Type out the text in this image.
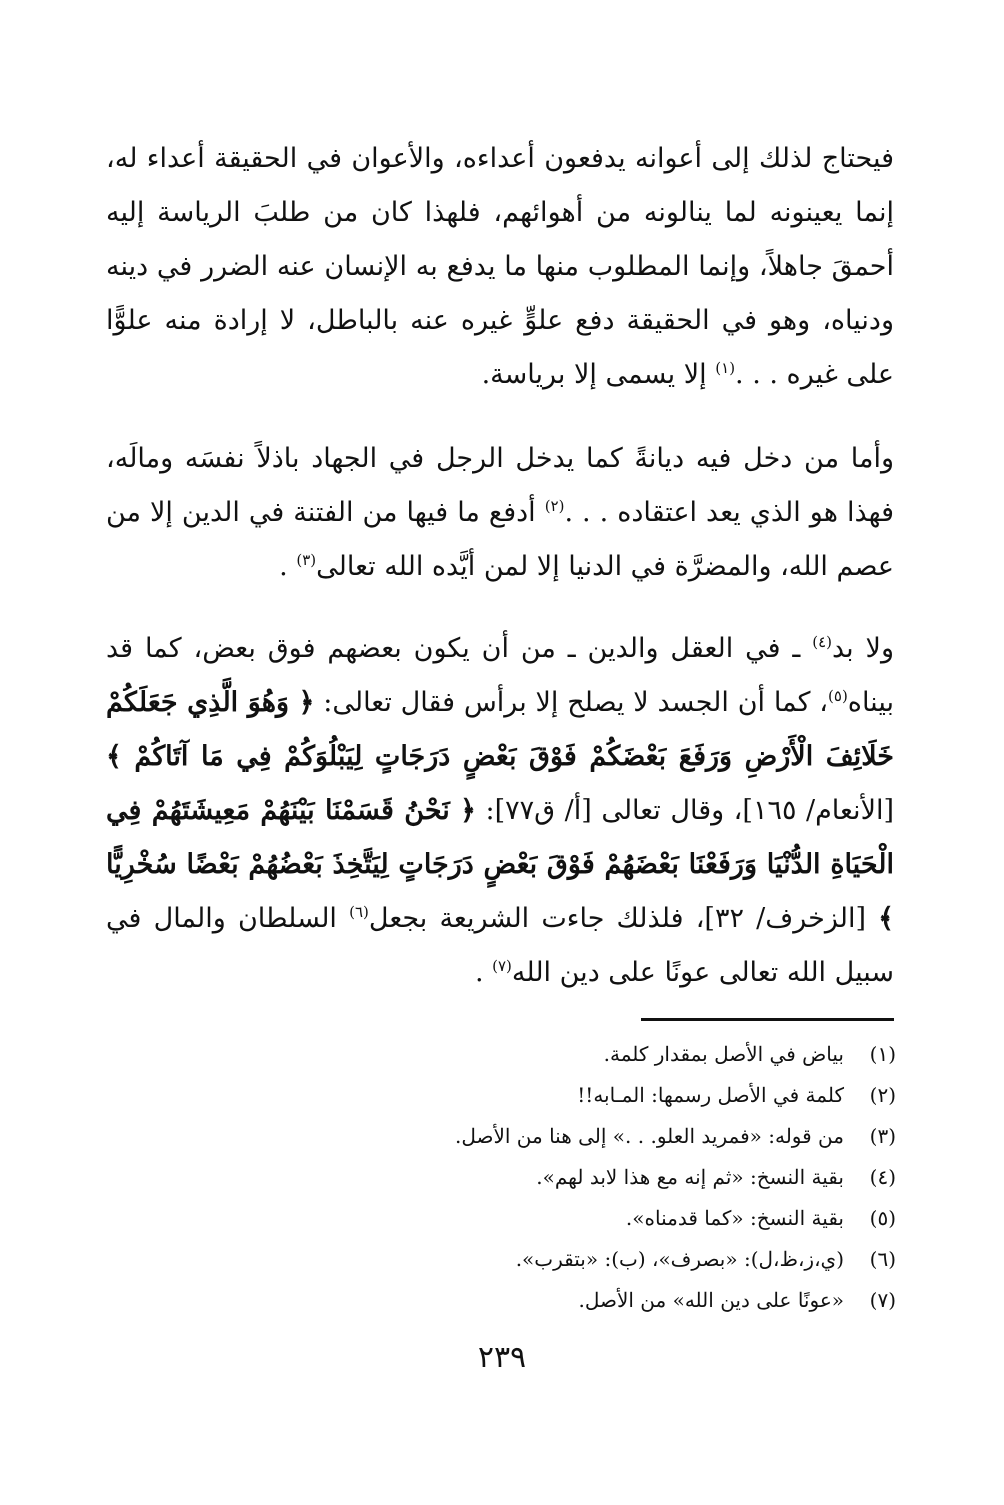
فيحتاج لذلك إلى أعوانه يدفعون أعداءه، والأعوان في الحقيقة أعداء له، إنما يعينونه لما ينالونه من أهوائهم، فلهذا كان من طلبَ الرياسة إليه أحمقَ جاهلاً، وإنما المطلوب منها ما يدفع به الإنسان عنه الضرر في دينه ودنياه، وهو في الحقيقة دفع علوٍّ غيره عنه بالباطل، لا إرادة منه علوًّا على غيره . . .$^{(١)}$ إلا يسمى إلا برياسة.

وأما من دخل فيه ديانةً كما يدخل الرجل في الجهاد باذلاً نفسَه ومالَه، فهذا هو الذي يعد اعتقاده . . .$^{(٢)}$ أدفع ما فيها من الفتنة في الدين إلا من عصم الله، والمضرَّة في الدنيا إلا لمن أيَّده الله تعالى$^{(٣)}$ .

ولا بد$^{(٤)}$ ـ في العقل والدين ـ من أن يكون بعضهم فوق بعض، كما قد بيناه$^{(٥)}$، كما أن الجسد لا يصلح إلا برأس فقال تعالى: ﴿ وَهُوَ الَّذِي جَعَلَكُمْ خَلَائِفَ الْأَرْضِ وَرَفَعَ بَعْضَكُمْ فَوْقَ بَعْضٍ دَرَجَاتٍ لِيَبْلُوَكُمْ فِي مَا آتَاكُمْ ﴾ [الأنعام/ ١٦٥]، وقال تعالى [أ/ ق٧٧]: ﴿ نَحْنُ قَسَمْنَا بَيْنَهُمْ مَعِيشَتَهُمْ فِي الْحَيَاةِ الدُّنْيَا وَرَفَعْنَا بَعْضَهُمْ فَوْقَ بَعْضٍ دَرَجَاتٍ لِيَتَّخِذَ بَعْضُهُمْ بَعْضًا سُخْرِيًّا ﴾ [الزخرف/ ٣٢]، فلذلك جاءت الشريعة بجعل$^{(٦)}$ السلطان والمال في سبيل الله تعالى عونًا على دين الله$^{(٧)}$ .

(١)
بياض في الأصل بمقدار كلمة.
(٢)
كلمة في الأصل رسمها: المـابه!!
(٣)
من قوله: «فمريد العلو. . .» إلى هنا من الأصل.
(٤)
بقية النسخ: «ثم إنه مع هذا لابد لهم».
(٥)
بقية النسخ: «كما قدمناه».
(٦)
(ي،ز،ظ،ل): «بصرف»، (ب): «بتقرب».
(٧)
«عونًا على دين الله» من الأصل.
٢٣٩
